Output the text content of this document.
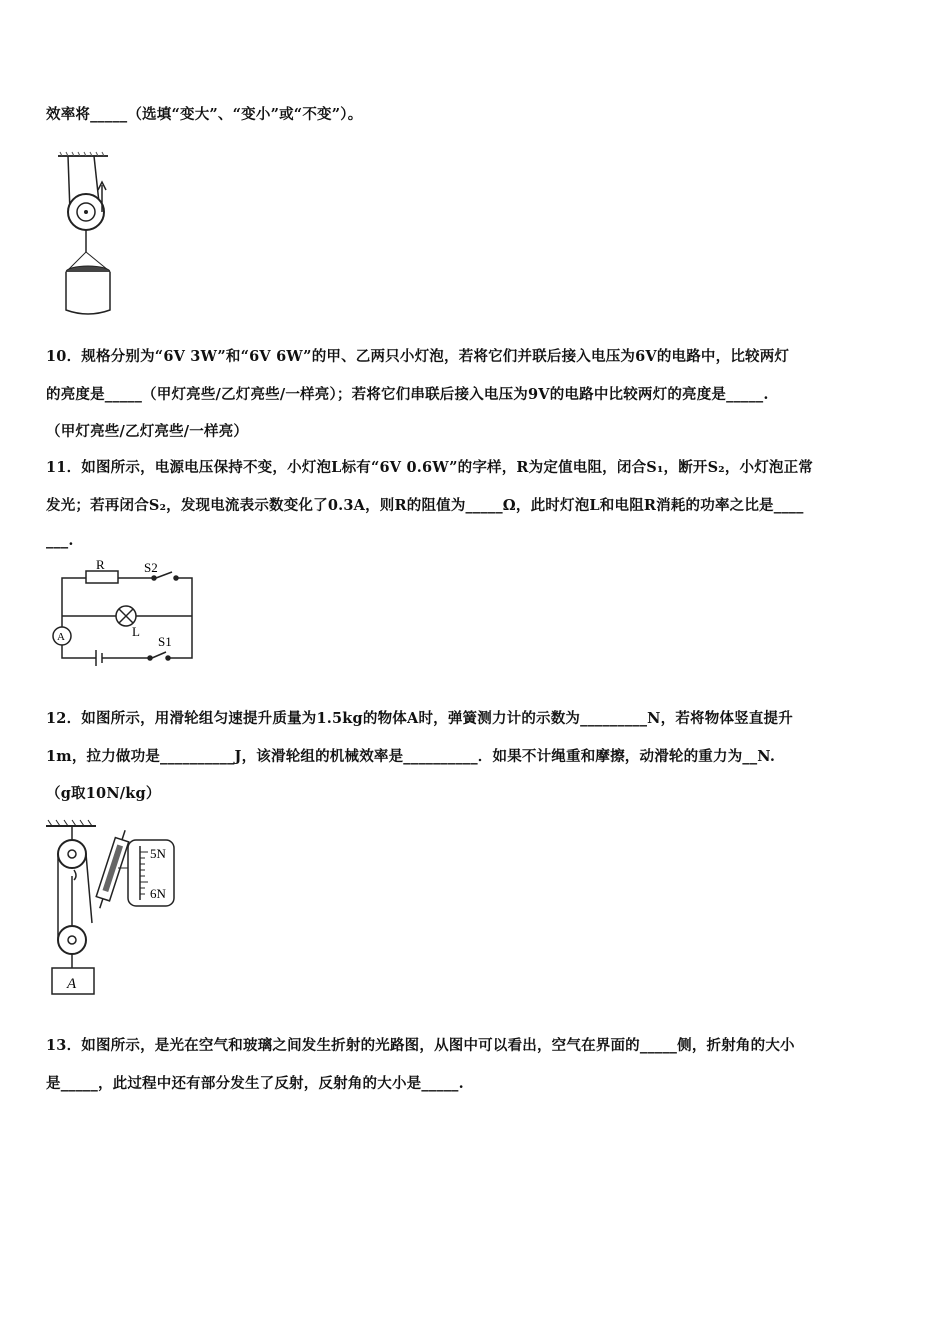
效率将_____（选填“变大”、“变小”或“不变”）。
10．规格分别为“6V 3W”和“6V 6W”的甲、乙两只小灯泡，若将它们并联后接入电压为6V的电路中，比较两灯
的亮度是_____（甲灯亮些/乙灯亮些/一样亮）；若将它们串联后接入电压为9V的电路中比较两灯的亮度是_____.
（甲灯亮些/乙灯亮些/一样亮）
11．如图所示，电源电压保持不变，小灯泡L标有“6V 0.6W”的字样，R为定值电阻，闭合S₁，断开S₂，小灯泡正常
发光；若再闭合S₂，发现电流表示数变化了0.3A，则R的阻值为_____Ω，此时灯泡L和电阻R消耗的功率之比是____
___.
R	S2
L
A	S1
12．如图所示，用滑轮组匀速提升质量为1.5kg的物体A时，弹簧测力计的示数为_________N，若将物体竖直提升
1m，拉力做功是__________J，该滑轮组的机械效率是__________．如果不计绳重和摩擦，动滑轮的重力为__N.
（g取10N/kg）
A
5N
6N
13．如图所示，是光在空气和玻璃之间发生折射的光路图，从图中可以看出，空气在界面的_____侧，折射角的大小
是_____，此过程中还有部分发生了反射，反射角的大小是_____.
